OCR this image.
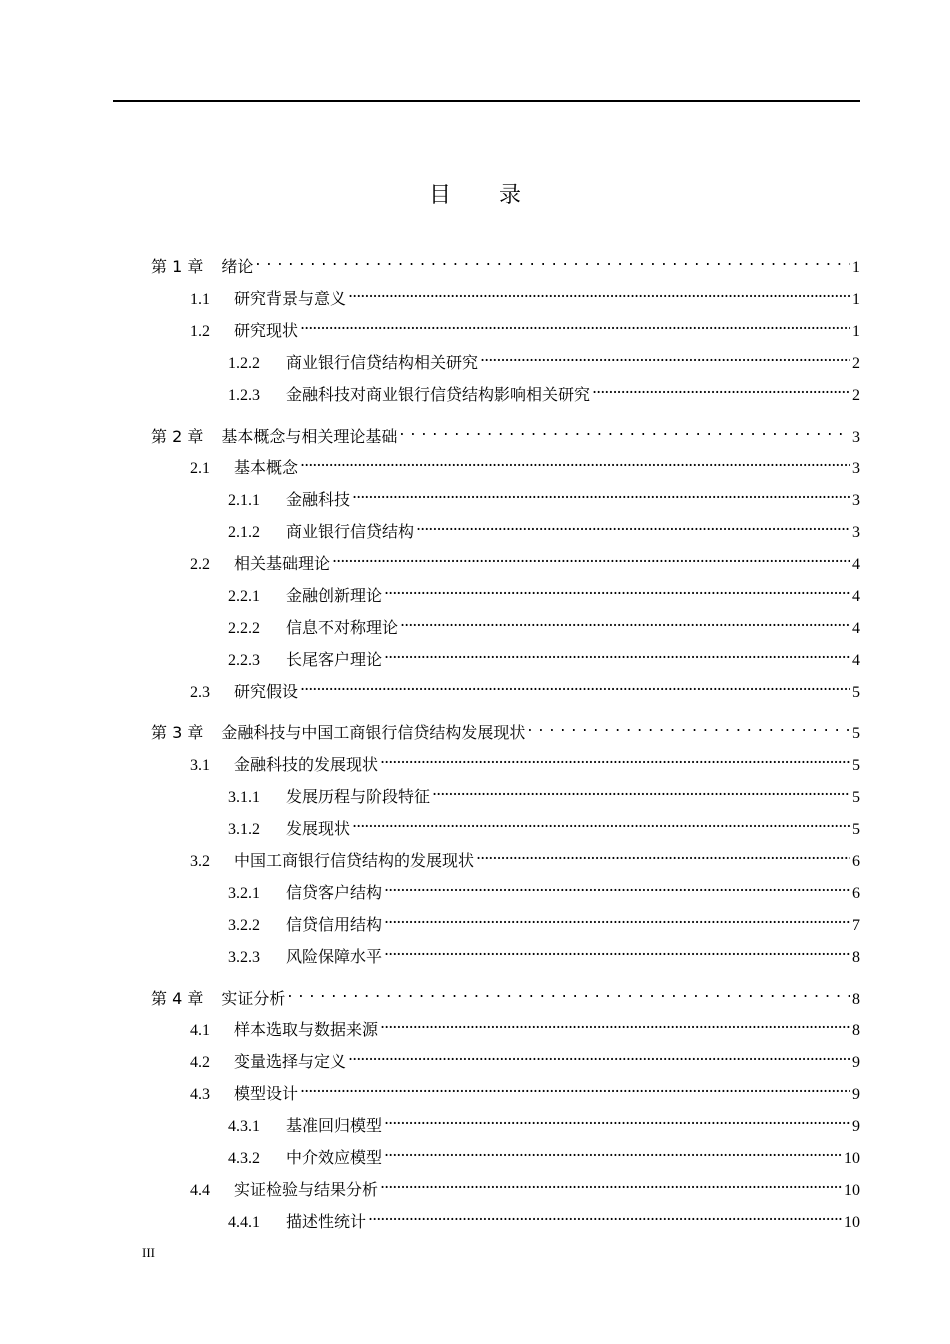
目 录
第 1 章 绪论 . . .	1
1.1	研究背景与意义 .....	1
1.2	研究现状 .....	1
1.2.2	商业银行信贷结构相关研究 .....	2
1.2.3	金融科技对商业银行信贷结构影响相关研究 .....	2
第 2 章 基本概念与相关理论基础 . . .	3
2.1	基本概念 .....	3
2.1.1	金融科技 .....	3
2.1.2	商业银行信贷结构 .....	3
2.2	相关基础理论 .....	4
2.2.1	金融创新理论 .....	4
2.2.2	信息不对称理论 .....	4
2.2.3	长尾客户理论 .....	4
2.3	研究假设 .....	5
第 3 章 金融科技与中国工商银行信贷结构发展现状 . . .	5
3.1	金融科技的发展现状 .....	5
3.1.1	发展历程与阶段特征 .....	5
3.1.2	发展现状 .....	5
3.2	中国工商银行信贷结构的发展现状 .....	6
3.2.1	信贷客户结构 .....	6
3.2.2	信贷信用结构 .....	7
3.2.3	风险保障水平 .....	8
第 4 章 实证分析 . . .	8
4.1	样本选取与数据来源 .....	8
4.2	变量选择与定义 .....	9
4.3	模型设计 .....	9
4.3.1	基准回归模型 .....	9
4.3.2	中介效应模型 .....	10
4.4	实证检验与结果分析 .....	10
4.4.1	描述性统计 .....	10
III
